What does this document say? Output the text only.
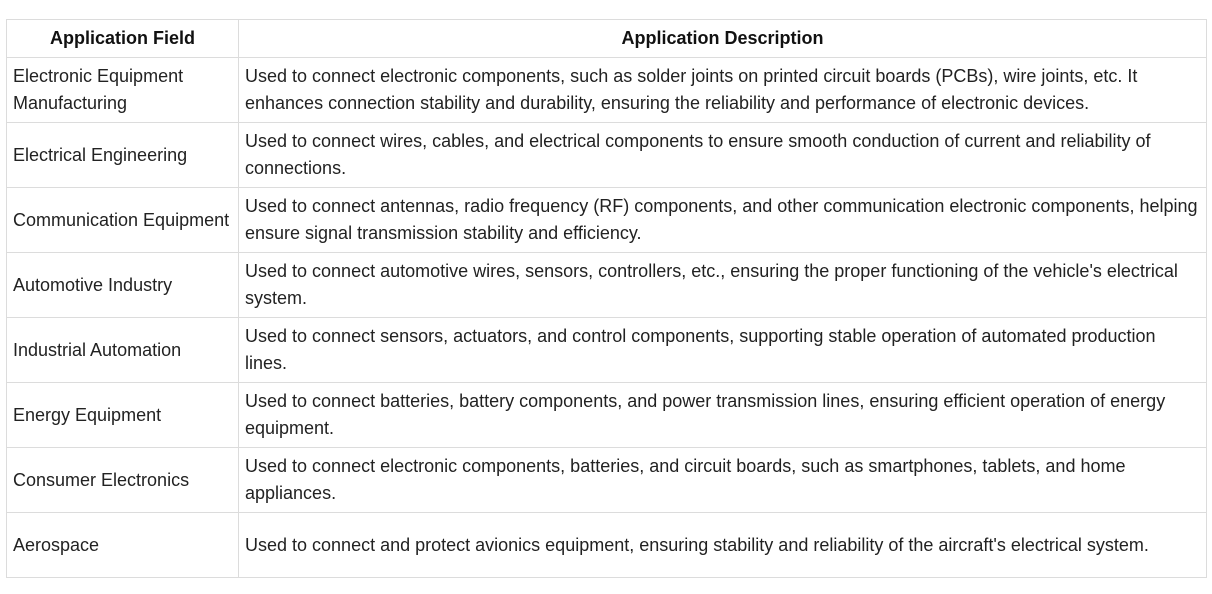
Application Field	Application Description
Electronic Equipment Manufacturing	Used to connect electronic components, such as solder joints on printed circuit boards (PCBs), wire joints, etc. It enhances connection stability and durability, ensuring the reliability and performance of electronic devices.
Electrical Engineering	Used to connect wires, cables, and electrical components to ensure smooth conduction of current and reliability of connections.
Communication Equipment	Used to connect antennas, radio frequency (RF) components, and other communication electronic components, helping ensure signal transmission stability and efficiency.
Automotive Industry	Used to connect automotive wires, sensors, controllers, etc., ensuring the proper functioning of the vehicle's electrical system.
Industrial Automation	Used to connect sensors, actuators, and control components, supporting stable operation of automated production lines.
Energy Equipment	Used to connect batteries, battery components, and power transmission lines, ensuring efficient operation of energy equipment.
Consumer Electronics	Used to connect electronic components, batteries, and circuit boards, such as smartphones, tablets, and home appliances.
Aerospace	Used to connect and protect avionics equipment, ensuring stability and reliability of the aircraft's electrical system.
